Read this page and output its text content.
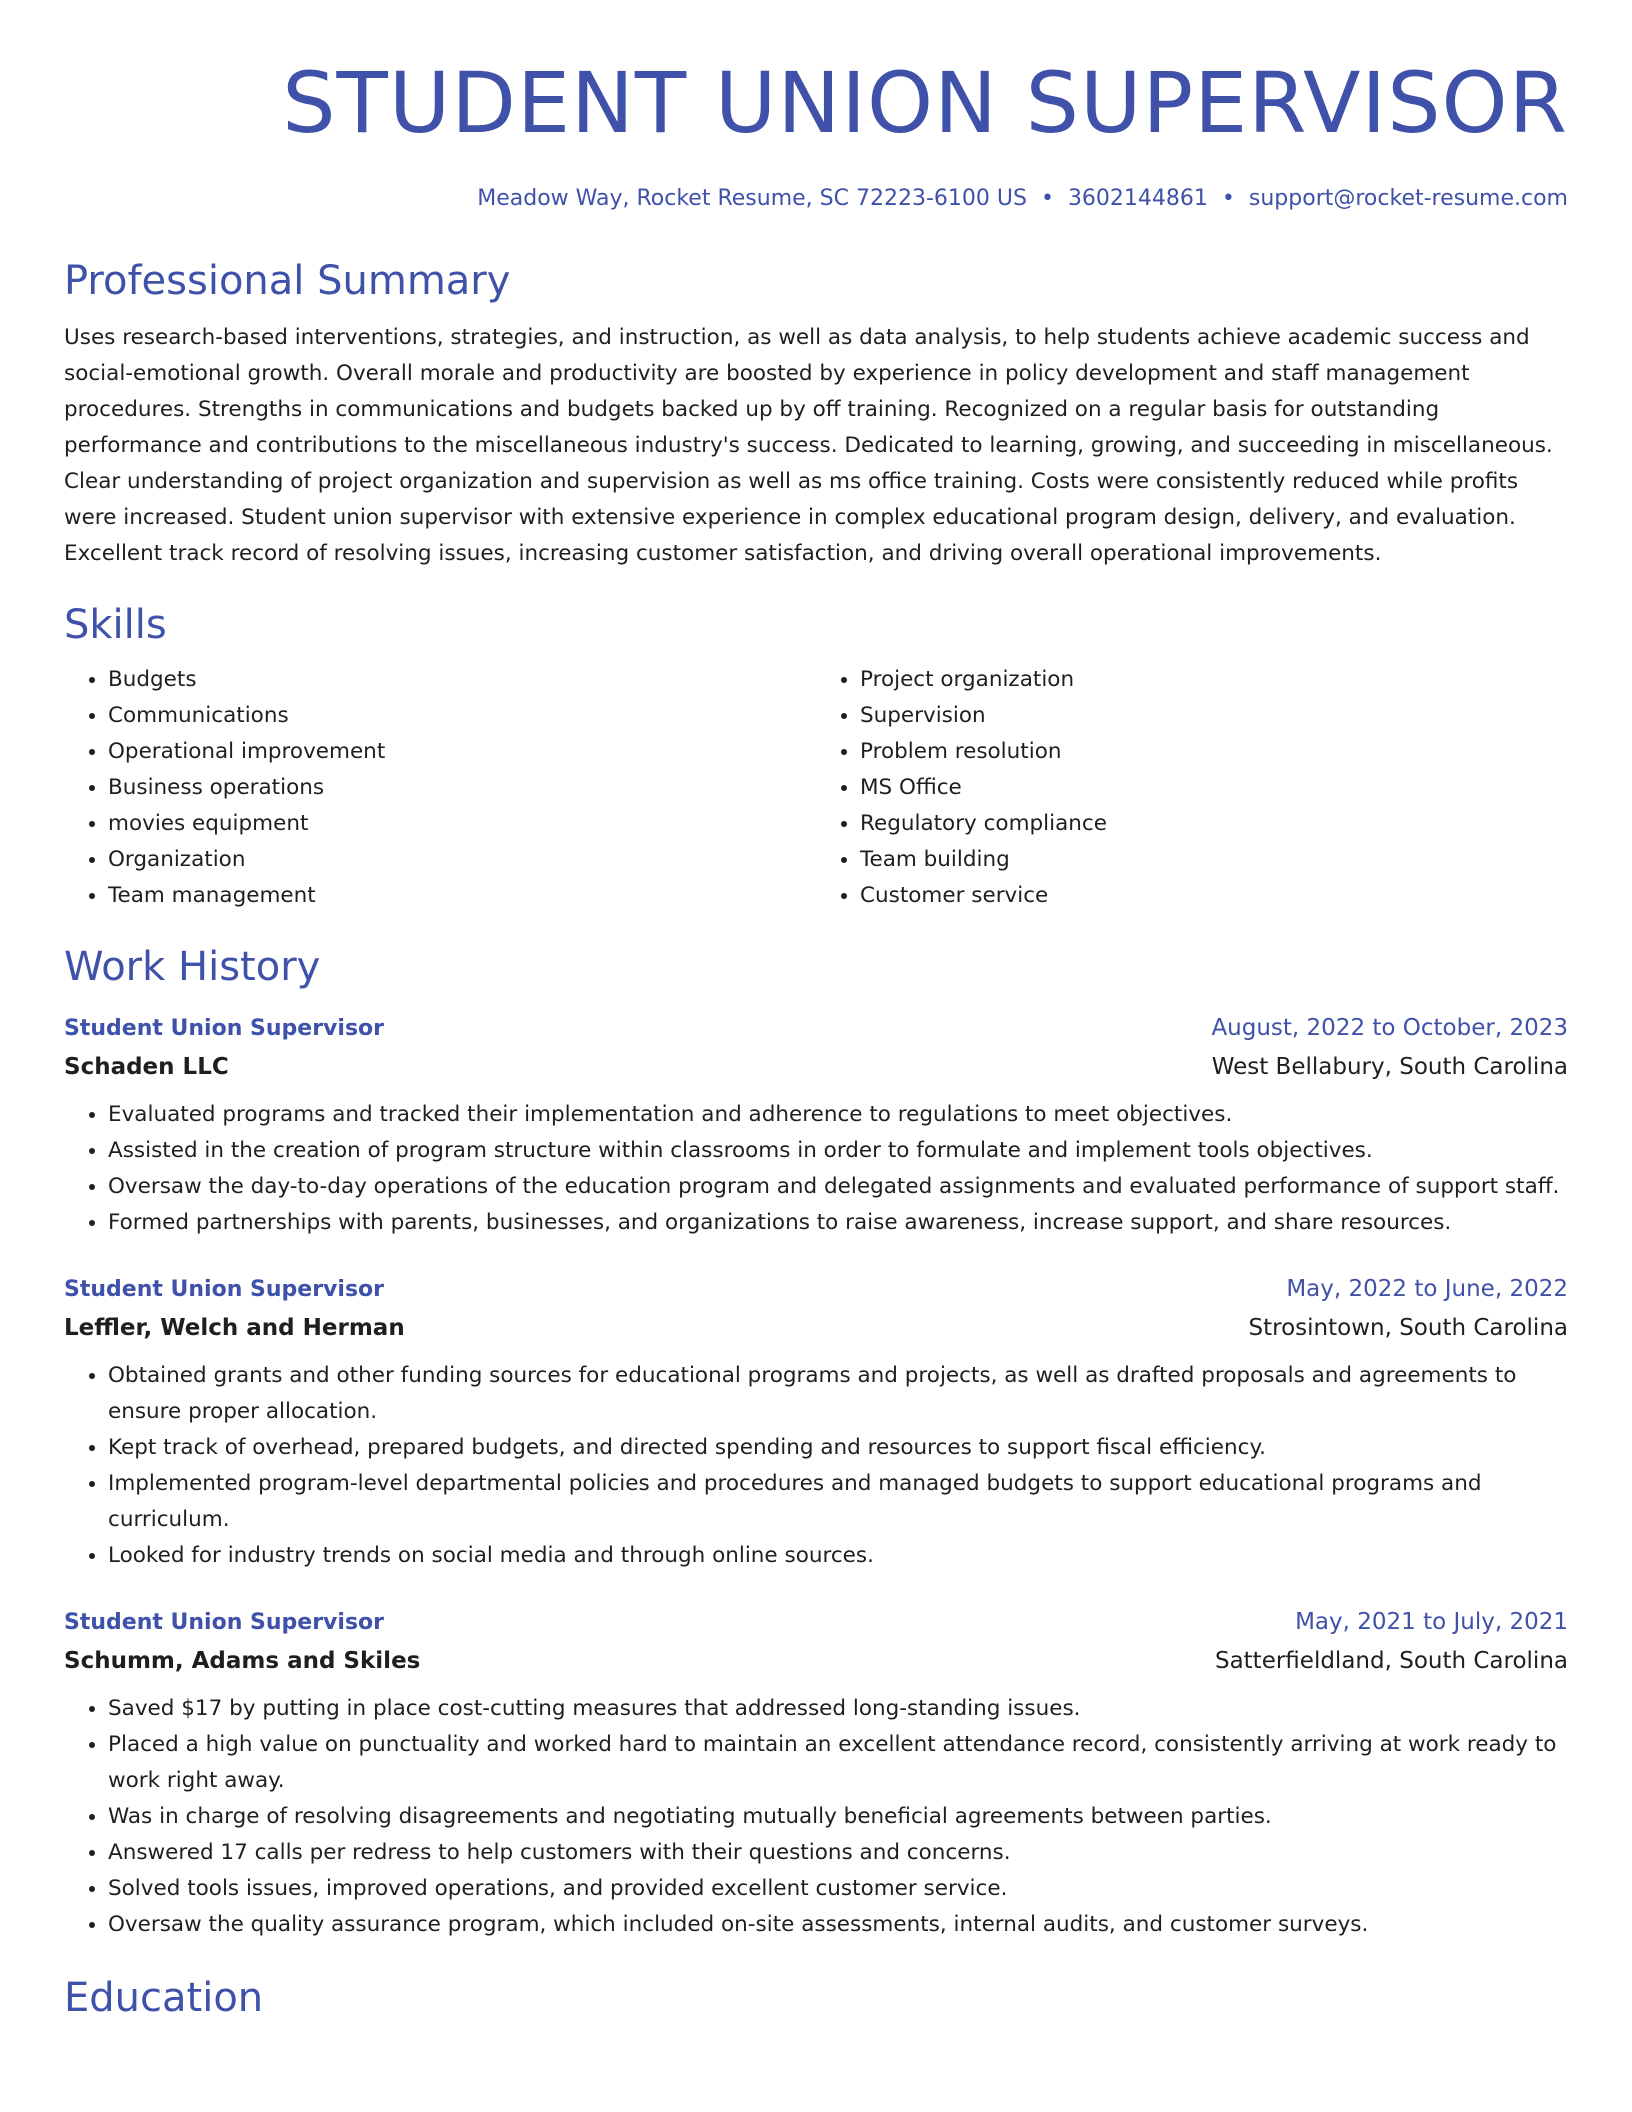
STUDENT UNION SUPERVISOR
Meadow Way, Rocket Resume, SC 72223-6100 US • 3602144861 • support@rocket-resume.com
Professional Summary
Uses research-based interventions, strategies, and instruction, as well as data analysis, to help students achieve academic success and social-emotional growth. Overall morale and productivity are boosted by experience in policy development and staff management procedures. Strengths in communications and budgets backed up by off training. Recognized on a regular basis for outstanding performance and contributions to the miscellaneous industry's success. Dedicated to learning, growing, and succeeding in miscellaneous. Clear understanding of project organization and supervision as well as ms office training. Costs were consistently reduced while profits were increased. Student union supervisor with extensive experience in complex educational program design, delivery, and evaluation. Excellent track record of resolving issues, increasing customer satisfaction, and driving overall operational improvements.
Skills
• Budgets
• Communications
• Operational improvement
• Business operations
• movies equipment
• Organization
• Team management
• Project organization
• Supervision
• Problem resolution
• MS Office
• Regulatory compliance
• Team building
• Customer service
Work History
Student Union Supervisor	August, 2022 to October, 2023
Schaden LLC	West Bellabury, South Carolina
• Evaluated programs and tracked their implementation and adherence to regulations to meet objectives.
• Assisted in the creation of program structure within classrooms in order to formulate and implement tools objectives.
• Oversaw the day-to-day operations of the education program and delegated assignments and evaluated performance of support staff.
• Formed partnerships with parents, businesses, and organizations to raise awareness, increase support, and share resources.
Student Union Supervisor	May, 2022 to June, 2022
Leffler, Welch and Herman	Strosintown, South Carolina
• Obtained grants and other funding sources for educational programs and projects, as well as drafted proposals and agreements to ensure proper allocation.
• Kept track of overhead, prepared budgets, and directed spending and resources to support fiscal efficiency.
• Implemented program-level departmental policies and procedures and managed budgets to support educational programs and curriculum.
• Looked for industry trends on social media and through online sources.
Student Union Supervisor	May, 2021 to July, 2021
Schumm, Adams and Skiles	Satterfieldland, South Carolina
• Saved $17 by putting in place cost-cutting measures that addressed long-standing issues.
• Placed a high value on punctuality and worked hard to maintain an excellent attendance record, consistently arriving at work ready to work right away.
• Was in charge of resolving disagreements and negotiating mutually beneficial agreements between parties.
• Answered 17 calls per redress to help customers with their questions and concerns.
• Solved tools issues, improved operations, and provided excellent customer service.
• Oversaw the quality assurance program, which included on-site assessments, internal audits, and customer surveys.
Education
